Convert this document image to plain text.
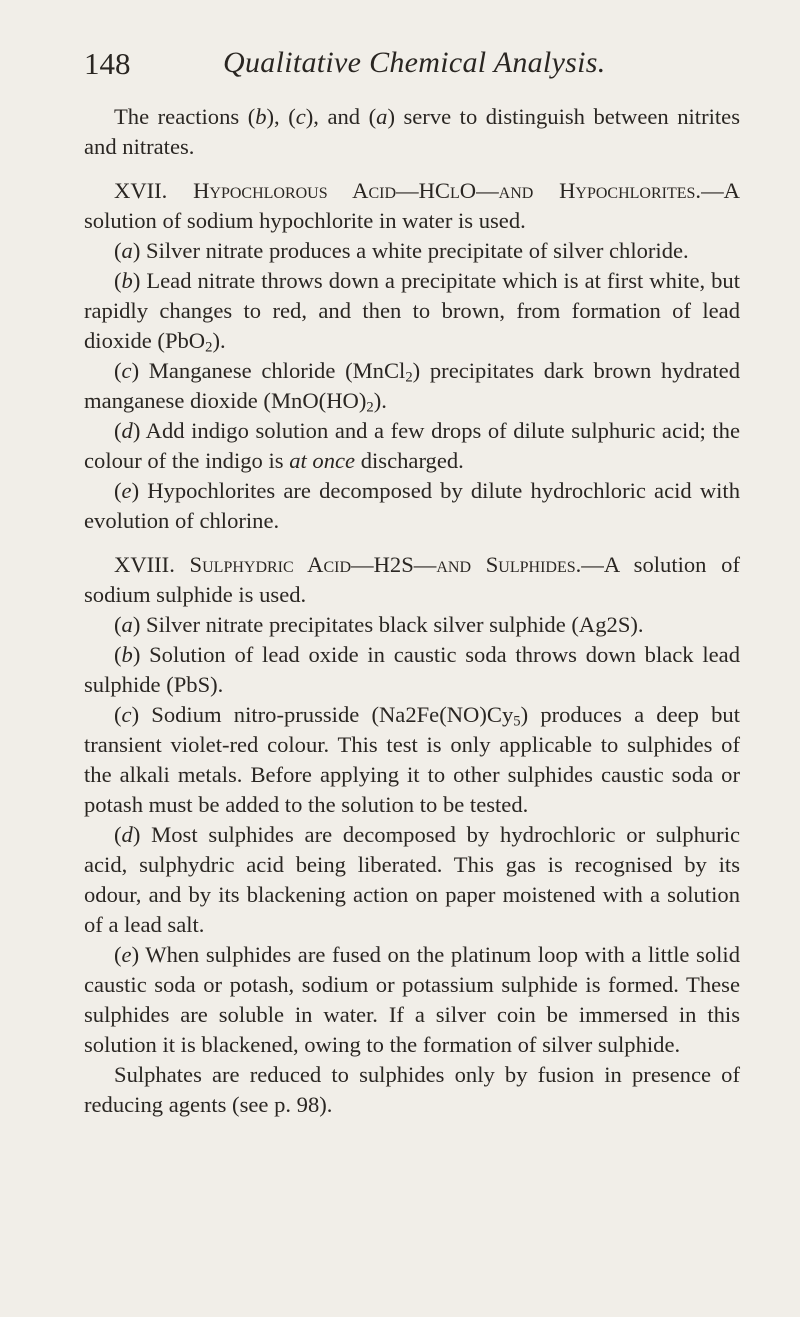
148	Qualitative Chemical Analysis.

The reactions (b), (c), and (a) serve to distinguish between nitrites and nitrates.

XVII. Hypochlorous Acid—HClO—and Hypochlorites.—A solution of sodium hypochlorite in water is used.

(a) Silver nitrate produces a white precipitate of silver chloride.

(b) Lead nitrate throws down a precipitate which is at first white, but rapidly changes to red, and then to brown, from formation of lead dioxide (PbO$_2$).

(c) Manganese chloride (MnCl$_2$) precipitates dark brown hydrated manganese dioxide $(MnO(HO)_2)$.

(d) Add indigo solution and a few drops of dilute sulphuric acid; the colour of the indigo is at once discharged.

(e) Hypochlorites are decomposed by dilute hydrochloric acid with evolution of chlorine.

XVIII. Sulphydric Acid—H2S—and Sulphides.—A solution of sodium sulphide is used.

(a) Silver nitrate precipitates black silver sulphide (Ag2S).

(b) Solution of lead oxide in caustic soda throws down black lead sulphide (PbS).

(c) Sodium nitro-prusside $(Na2Fe(NO)Cy_5)$ produces a deep but transient violet-red colour. This test is only applicable to sulphides of the alkali metals. Before applying it to other sulphides caustic soda or potash must be added to the solution to be tested.

(d) Most sulphides are decomposed by hydrochloric or sulphuric acid, sulphydric acid being liberated. This gas is recognised by its odour, and by its blackening action on paper moistened with a solution of a lead salt.

(e) When sulphides are fused on the platinum loop with a little solid caustic soda or potash, sodium or potassium sulphide is formed. These sulphides are soluble in water. If a silver coin be immersed in this solution it is blackened, owing to the formation of silver sulphide.

Sulphates are reduced to sulphides only by fusion in presence of reducing agents (see p. 98).
